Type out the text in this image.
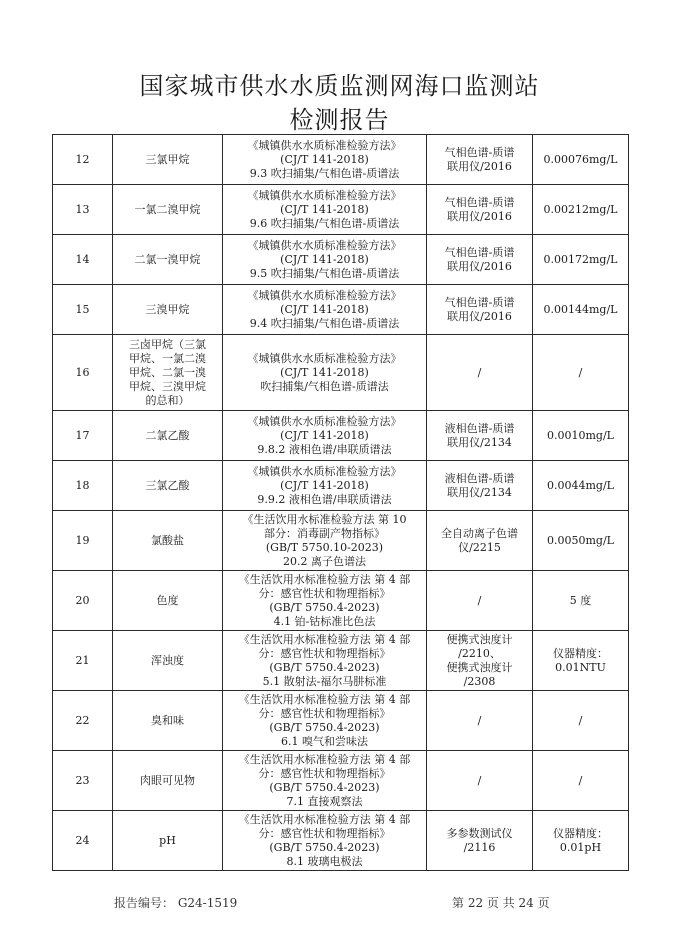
国家城市供水水质监测网海口监测站
检测报告
12	三氯甲烷	《城镇供水水质标准检验方法》
(CJ/T 141-2018)
9.3 吹扫捕集/气相色谱-质谱法	气相色谱-质谱
联用仪/2016	0.00076mg/L
13	一氯二溴甲烷	《城镇供水水质标准检验方法》
(CJ/T 141-2018)
9.6 吹扫捕集/气相色谱-质谱法	气相色谱-质谱
联用仪/2016	0.00212mg/L
14	二氯一溴甲烷	《城镇供水水质标准检验方法》
(CJ/T 141-2018)
9.5 吹扫捕集/气相色谱-质谱法	气相色谱-质谱
联用仪/2016	0.00172mg/L
15	三溴甲烷	《城镇供水水质标准检验方法》
(CJ/T 141-2018)
9.4 吹扫捕集/气相色谱-质谱法	气相色谱-质谱
联用仪/2016	0.00144mg/L
16	三卤甲烷（三氯
甲烷、一氯二溴
甲烷、二氯一溴
甲烷、三溴甲烷
的总和）	《城镇供水水质标准检验方法》
(CJ/T 141-2018)
吹扫捕集/气相色谱-质谱法	/	/
17	二氯乙酸	《城镇供水水质标准检验方法》
(CJ/T 141-2018)
9.8.2 液相色谱/串联质谱法	液相色谱-质谱
联用仪/2134	0.0010mg/L
18	三氯乙酸	《城镇供水水质标准检验方法》
(CJ/T 141-2018)
9.9.2 液相色谱/串联质谱法	液相色谱-质谱
联用仪/2134	0.0044mg/L
19	氯酸盐	《生活饮用水标准检验方法 第 10
部分：消毒副产物指标》
(GB/T 5750.10-2023)
20.2 离子色谱法	全自动离子色谱
仪/2215	0.0050mg/L
20	色度	《生活饮用水标准检验方法 第 4 部
分：感官性状和物理指标》
(GB/T 5750.4-2023)
4.1 铂-钴标准比色法	/	5 度
21	浑浊度	《生活饮用水标准检验方法 第 4 部
分：感官性状和物理指标》
(GB/T 5750.4-2023)
5.1 散射法-福尔马肼标准	便携式浊度计
/2210、
便携式浊度计
/2308	仪器精度：
0.01NTU
22	臭和味	《生活饮用水标准检验方法 第 4 部
分：感官性状和物理指标》
(GB/T 5750.4-2023)
6.1 嗅气和尝味法	/	/
23	肉眼可见物	《生活饮用水标准检验方法 第 4 部
分：感官性状和物理指标》
(GB/T 5750.4-2023)
7.1 直接观察法	/	/
24	pH	《生活饮用水标准检验方法 第 4 部
分：感官性状和物理指标》
(GB/T 5750.4-2023)
8.1 玻璃电极法	多参数测试仪
/2116	仪器精度：
0.01pH
报告编号： G24-1519	第 22 页 共 24 页
